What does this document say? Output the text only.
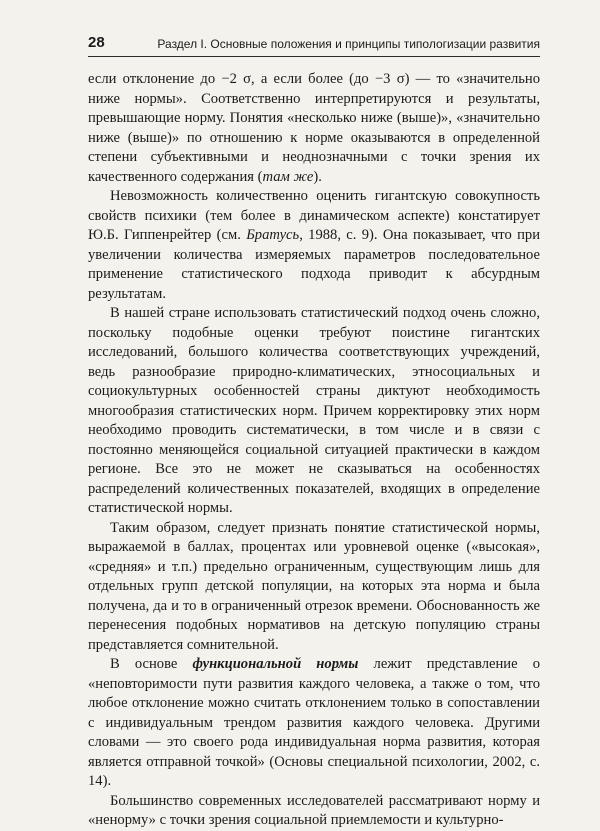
28	Раздел I. Основные положения и принципы типологизации развития

если отклонение до −2 σ, а если более (до −3 σ) — то «значительно ниже нормы». Соответственно интерпретируются и результаты, превышающие норму. Понятия «несколько ниже (выше)», «значительно ниже (выше)» по отношению к норме оказываются в определенной степени субъективными и неоднозначными с точки зрения их качественного содержания (там же).

Невозможность количественно оценить гигантскую совокупность свойств психики (тем более в динамическом аспекте) констатирует Ю.Б. Гиппенрейтер (см. Братусь, 1988, с. 9). Она показывает, что при увеличении количества измеряемых параметров последовательное применение статистического подхода приводит к абсурдным результатам.

В нашей стране использовать статистический подход очень сложно, поскольку подобные оценки требуют поистине гигантских исследований, большого количества соответствующих учреждений, ведь разнообразие природно-климатических, этносоциальных и социокультурных особенностей страны диктуют необходимость многообразия статистических норм. Причем корректировку этих норм необходимо проводить систематически, в том числе и в связи с постоянно меняющейся социальной ситуацией практически в каждом регионе. Все это не может не сказываться на особенностях распределений количественных показателей, входящих в определение статистической нормы.

Таким образом, следует признать понятие статистической нормы, выражаемой в баллах, процентах или уровневой оценке («высокая», «средняя» и т.п.) предельно ограниченным, существующим лишь для отдельных групп детской популяции, на которых эта норма и была получена, да и то в ограниченный отрезок времени. Обоснованность же перенесения подобных нормативов на детскую популяцию страны представляется сомнительной.

В основе функциональной нормы лежит представление о «неповторимости пути развития каждого человека, а также о том, что любое отклонение можно считать отклонением только в сопоставлении с индивидуальным трендом развития каждого человека. Другими словами — это своего рода индивидуальная норма развития, которая является отправной точкой» (Основы специальной психологии, 2002, с. 14).

Большинство современных исследователей рассматривают норму и «ненорму» с точки зрения социальной приемлемости и культурно-
